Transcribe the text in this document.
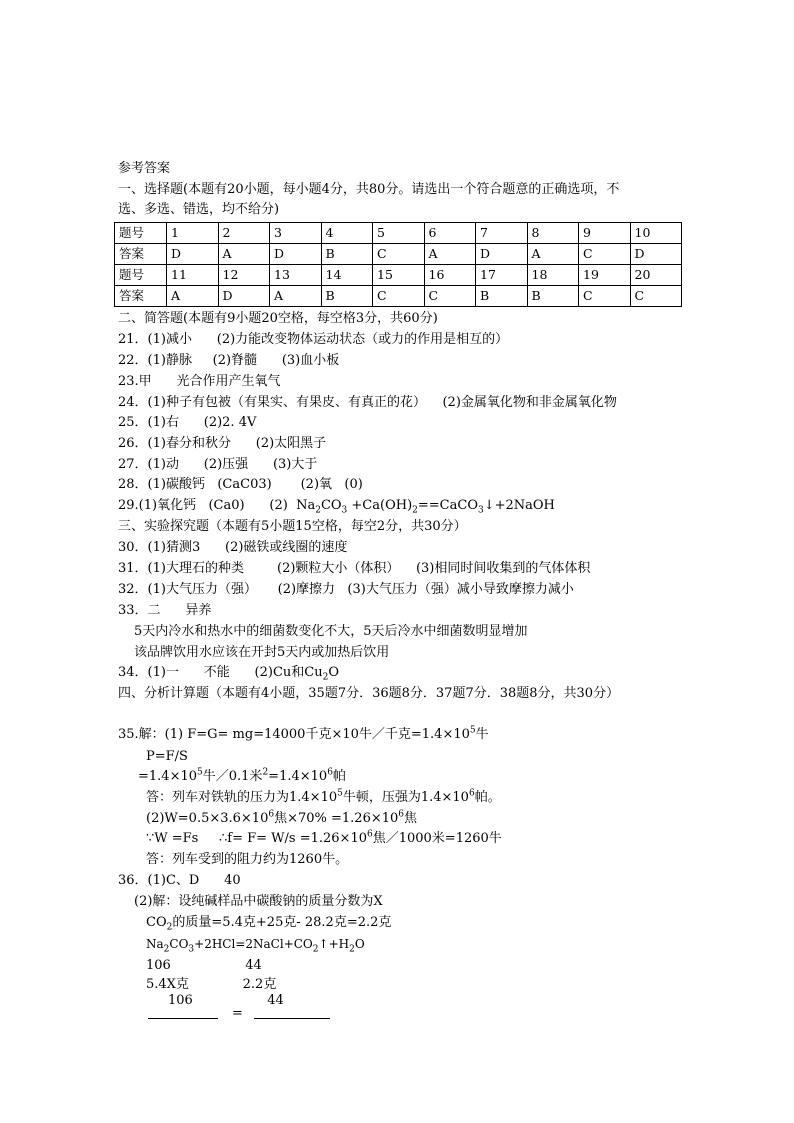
参考答案
一、选择题(本题有20小题，每小题4分，共80分。请选出一个符合题意的正确选项，不
选、多选、错选，均不给分)
题号	1	2	3	4	5	6	7	8	9	10
答案	D	A	D	B	C	A	D	A	C	D
题号	11	12	13	14	15	16	17	18	19	20
答案	A	D	A	B	C	C	B	B	C	C
二、简答题(本题有9小题20空格，每空格3分，共60分)
21．(1)减小      (2)力能改变物体运动状态（或力的作用是相互的）
22．(1)静脉     (2)脊髓      (3)血小板
23.甲      光合作用产生氧气
24．(1)种子有包被（有果实、有果皮、有真正的花）    (2)金属氧化物和非金属氧化物
25．(1)右      (2)2. 4V
26．(1)春分和秋分      (2)太阳黑子
27．(1)动      (2)压强      (3)大于
28．(1)碳酸钙   (CaC03)       (2)氧   (0)
29.(1)氧化钙   (Ca0)      (2)  $Na_2CO_3$ $+Ca(OH)_2==CaCO_3↓+2NaOH$
三、实验探究题（本题有5小题15空格，每空2分，共30分）
30．(1)猜测3      (2)磁铁或线圈的速度
31．(1)大理石的种类        (2)颗粒大小（体积）    (3)相同时间收集到的气体体积
32．(1)大气压力（强）     (2)摩擦力   (3)大气压力（强）减小导致摩擦力减小
33．二      异养
5天内冷水和热水中的细菌数变化不大，5天后冷水中细菌数明显增加
该品牌饮用水应该在开封5天内或加热后饮用
34．(1)一      不能      (2)Cu和$Cu_2O$
四、分析计算题（本题有4小题，35题7分．36题8分．37题7分．38题8分，共30分）
35.解：(1) F=G= mg=14000千克×10牛／千克$=1.4\times 10^5$牛
P=F/S
$=1.4\times 10^5$牛／0.1米$^2=1.4\times 10^6$帕
答：列车对铁轨的压力为$1.4\times 10^5$牛顿，压强为$1.4\times 10^6$帕。
$(2)W=0.5\times 3.6\times 10^6$焦$\times 70\% =1.26\times 10^6$焦
∵W =Fs     ∴f= $F= W/s =1.26\times 10^6$焦／1000米=1260牛
答：列车受到的阻力约为1260牛。
36．(1)C、D      40
(2)解：设纯碱样品中碳酸钠的质量分数为X
$CO_2$的质量=5.4克+25克- 28.2克=2.2克
$Na_2CO_3+2HCl=2NaCl+CO_2↑+H_2O$
106                  44
5.4X克             2.2克
106                  44
=
